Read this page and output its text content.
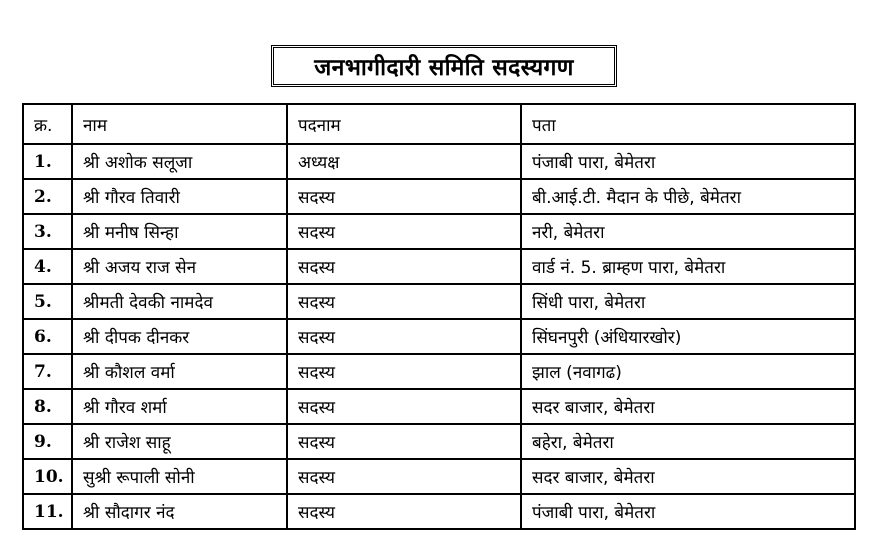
जनभागीदारी समिति सदस्यगण
क्र.	नाम	पदनाम	पता
1.	श्री अशोक सलूजा	अध्यक्ष	पंजाबी पारा, बेमेतरा
2.	श्री गौरव तिवारी	सदस्य	बी.आई.टी. मैदान के पीछे, बेमेतरा
3.	श्री मनीष सिन्हा	सदस्य	नरी, बेमेतरा
4.	श्री अजय राज सेन	सदस्य	वार्ड नं. 5. ब्राम्हण पारा, बेमेतरा
5.	श्रीमती देवकी नामदेव	सदस्य	सिंधी पारा, बेमेतरा
6.	श्री दीपक दीनकर	सदस्य	सिंघनपुरी (अंधियारखोर)
7.	श्री कौशल वर्मा	सदस्य	झाल (नवागढ)
8.	श्री गौरव शर्मा	सदस्य	सदर बाजार, बेमेतरा
9.	श्री राजेश साहू	सदस्य	बहेरा, बेमेतरा
10.	सुश्री रूपाली सोनी	सदस्य	सदर बाजार, बेमेतरा
11.	श्री सौदागर नंद	सदस्य	पंजाबी पारा, बेमेतरा
